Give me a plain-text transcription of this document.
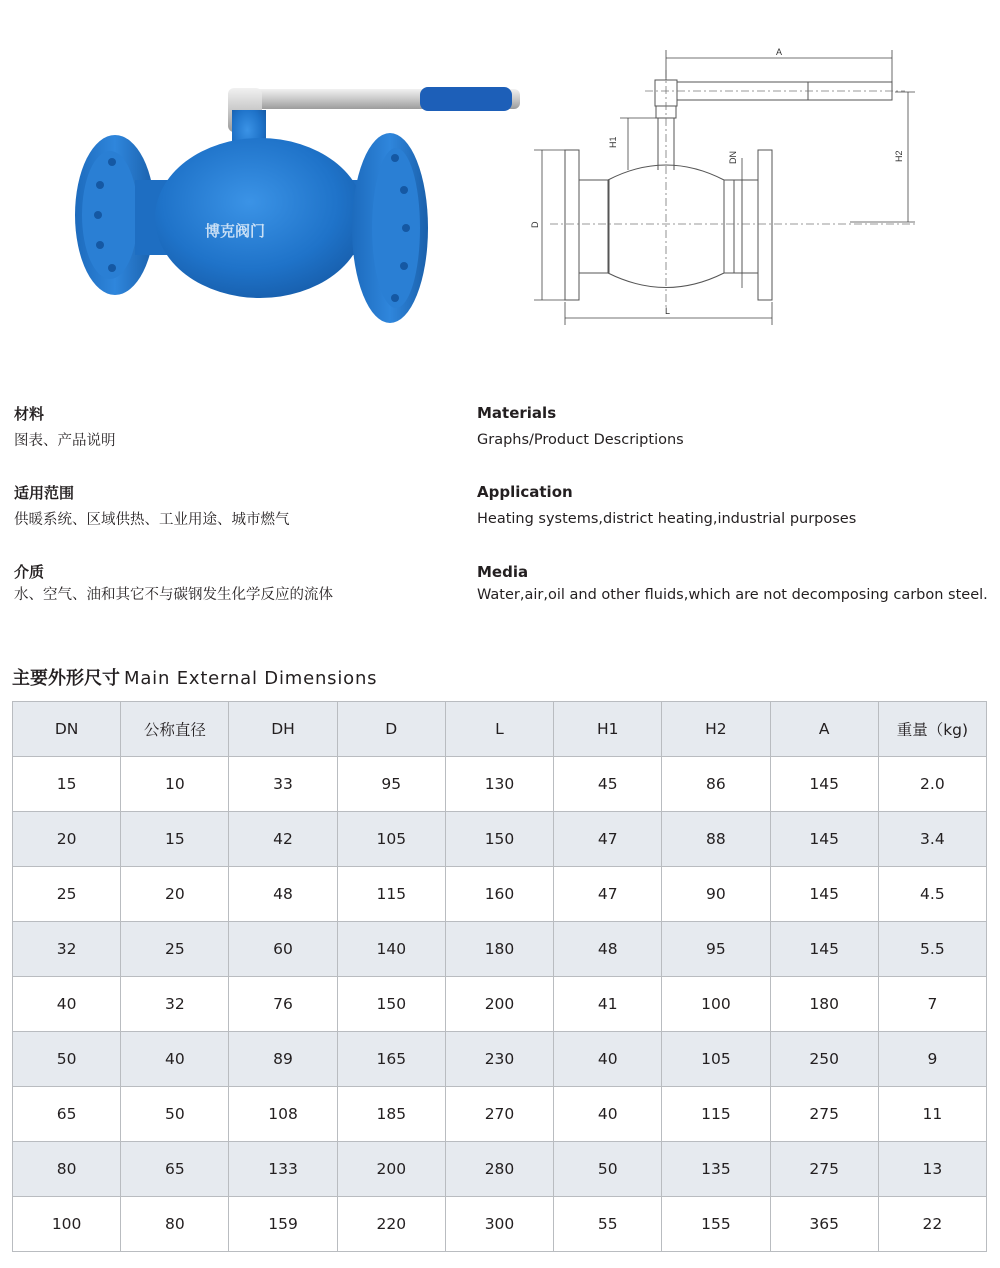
博克阀门
A
H1
H2
DN
D
L
材料
图表、产品说明
适用范围
供暖系统、区域供热、工业用途、城市燃气
介质
水、空气、油和其它不与碳钢发生化学反应的流体
Materials
Graphs/Product Descriptions
Application
Heating systems,district heating,industrial purposes
Media
Water,air,oil and other fluids,which are not decomposing carbon steel.
主要外形尺寸 Main External Dimensions
DN	公称直径	DH	D	L	H1	H2	A	重量（kg)
15	10	33	95	130	45	86	145	2.0
20	15	42	105	150	47	88	145	3.4
25	20	48	115	160	47	90	145	4.5
32	25	60	140	180	48	95	145	5.5
40	32	76	150	200	41	100	180	7
50	40	89	165	230	40	105	250	9
65	50	108	185	270	40	115	275	11
80	65	133	200	280	50	135	275	13
100	80	159	220	300	55	155	365	22
